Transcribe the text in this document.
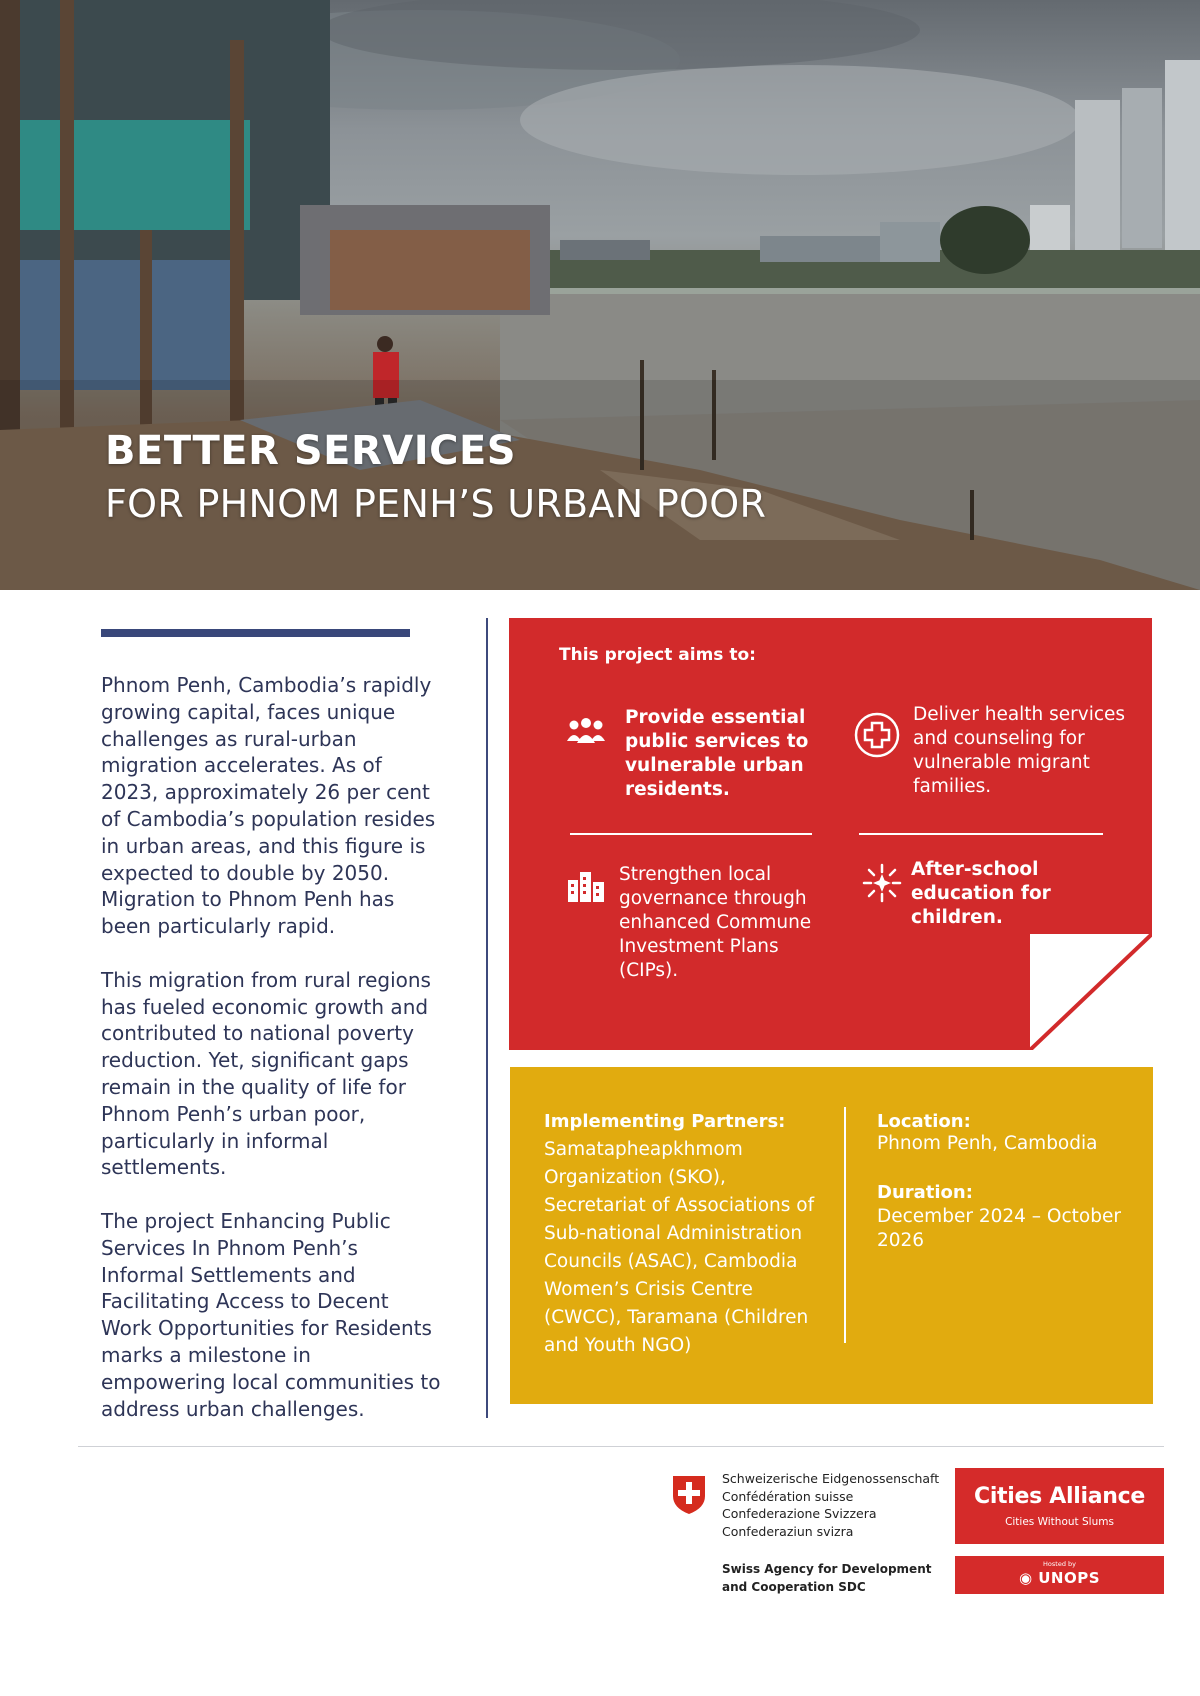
BETTER SERVICES
FOR PHNOM PENH’S URBAN POOR

Phnom Penh, Cambodia’s rapidly growing capital, faces unique challenges as rural-urban migration accelerates. As of 2023, approximately 26 per cent of Cambodia’s population resides in urban areas, and this figure is expected to double by 2050. Migration to Phnom Penh has been particularly rapid.

This migration from rural regions has fueled economic growth and contributed to national poverty reduction. Yet, significant gaps remain in the quality of life for Phnom Penh’s urban poor, particularly in informal settlements.

The project Enhancing Public Services In Phnom Penh’s Informal Settlements and Facilitating Access to Decent Work Opportunities for Residents marks a milestone in empowering local communities to address urban challenges.

This project aims to:
Provide essential public services to vulnerable urban residents.
Deliver health services and counseling for vulnerable migrant families.
Strengthen local governance through enhanced Commune Investment Plans (CIPs).
After-school education for children.
Implementing Partners:
Samatapheapkhmom Organization (SKO), Secretariat of Associations of Sub-national Administration Councils (ASAC), Cambodia Women’s Crisis Centre (CWCC), Taramana (Children and Youth NGO)
Location:
Phnom Penh, Cambodia
Duration:
December 2024 – October 2026
Schweizerische Eidgenossenschaft
Confédération suisse
Confederazione Svizzera
Confederaziun svizra
Swiss Agency for Development
and Cooperation SDC
Cities Alliance
Cities Without Slums
Hosted by
◉ UNOPS
